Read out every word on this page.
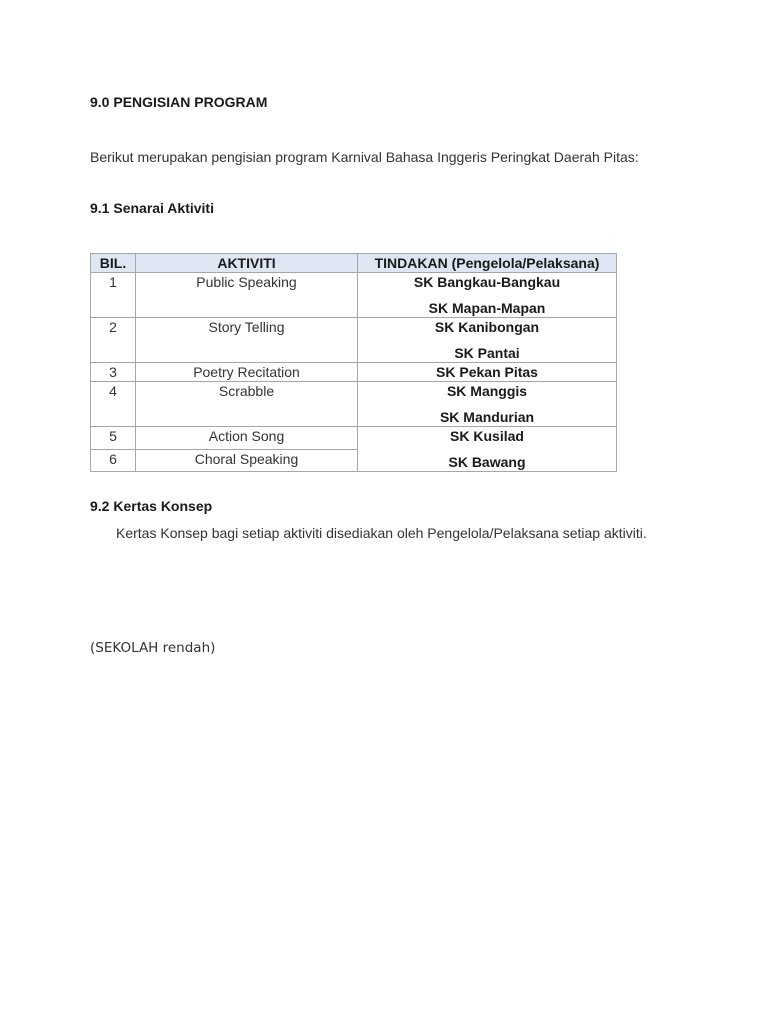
9.0 PENGISIAN PROGRAM
Berikut merupakan pengisian program Karnival Bahasa Inggeris Peringkat Daerah Pitas:
9.1 Senarai Aktiviti
BIL.	AKTIVITI	TINDAKAN (Pengelola/Pelaksana)
1	Public Speaking	SK Bangkau-Bangkau
SK Mapan-Mapan

2	Story Telling	SK Kanibongan
SK Pantai

3	Poetry Recitation	SK Pekan Pitas
4	Scrabble	SK Manggis
SK Mandurian

5	Action Song	SK Kusilad
SK Bawang

6	Choral Speaking	
9.2 Kertas Konsep
Kertas Konsep bagi setiap aktiviti disediakan oleh Pengelola/Pelaksana setiap aktiviti.
(SEKOLAH rendah)
